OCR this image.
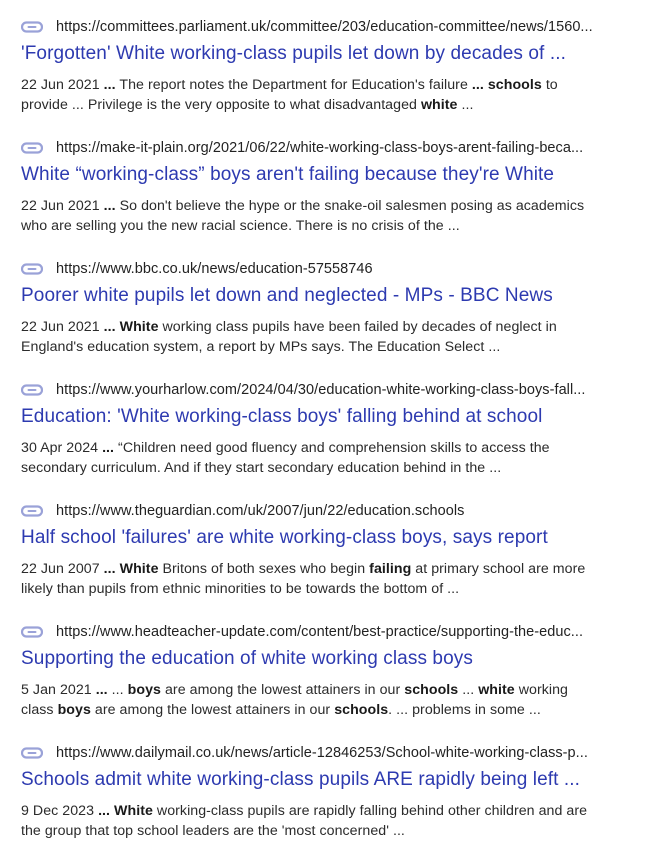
https://committees.parliament.uk/committee/203/education-committee/news/1560...
'Forgotten' White working-class pupils let down by decades of ...
22 Jun 2021 ... The report notes the Department for Education's failure ... schools to
provide ... Privilege is the very opposite to what disadvantaged white ...
https://make-it-plain.org/2021/06/22/white-working-class-boys-arent-failing-beca...
White “working-class” boys aren't failing because they're White
22 Jun 2021 ... So don't believe the hype or the snake-oil salesmen posing as academics
who are selling you the new racial science. There is no crisis of the ...
https://www.bbc.co.uk/news/education-57558746
Poorer white pupils let down and neglected - MPs - BBC News
22 Jun 2021 ... White working class pupils have been failed by decades of neglect in
England's education system, a report by MPs says. The Education Select ...
https://www.yourharlow.com/2024/04/30/education-white-working-class-boys-fall...
Education: 'White working-class boys' falling behind at school
30 Apr 2024 ... “Children need good fluency and comprehension skills to access the
secondary curriculum. And if they start secondary education behind in the ...
https://www.theguardian.com/uk/2007/jun/22/education.schools
Half school 'failures' are white working-class boys, says report
22 Jun 2007 ... White Britons of both sexes who begin failing at primary school are more
likely than pupils from ethnic minorities to be towards the bottom of ...
https://www.headteacher-update.com/content/best-practice/supporting-the-educ...
Supporting the education of white working class boys
5 Jan 2021 ... ... boys are among the lowest attainers in our schools ... white working
class boys are among the lowest attainers in our schools. ... problems in some ...
https://www.dailymail.co.uk/news/article-12846253/School-white-working-class-p...
Schools admit white working-class pupils ARE rapidly being left ...
9 Dec 2023 ... White working-class pupils are rapidly falling behind other children and are
the group that top school leaders are the 'most concerned' ...
